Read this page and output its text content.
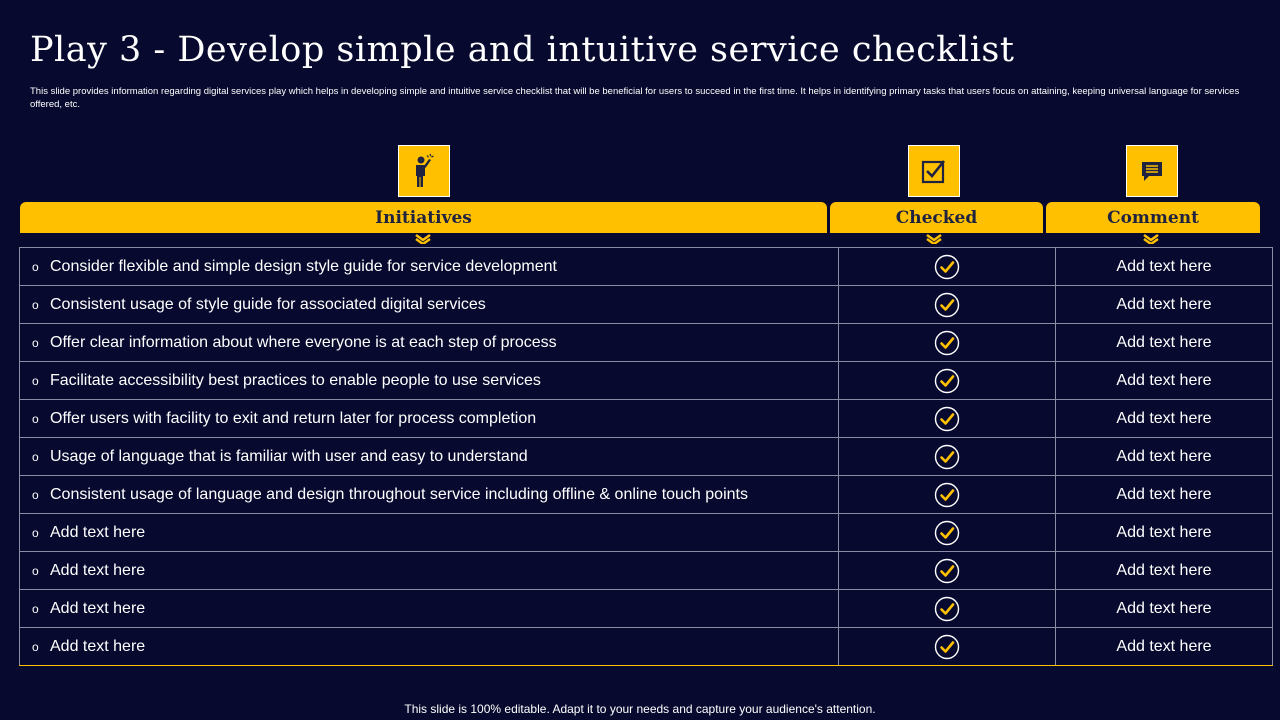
Play 3 - Develop simple and intuitive service checklist
This slide provides information regarding digital services play which helps in developing simple and intuitive service checklist that will be beneficial for users to succeed in the first time. It helps in identifying primary tasks that users focus on attaining, keeping universal language for services offered, etc.
Initiatives	Checked	Comment
o Consider flexible and simple design style guide for service development		Add text here
o Consistent usage of style guide for associated digital services		Add text here
o Offer clear information about where everyone is at each step of process		Add text here
o Facilitate accessibility best practices to enable people to use services		Add text here
o Offer users with facility to exit and return later for process completion		Add text here
o Usage of language that is familiar with user and easy to understand		Add text here
o Consistent usage of language and design throughout service including offline & online touch points		Add text here
o Add text here		Add text here
o Add text here		Add text here
o Add text here		Add text here
o Add text here		Add text here
This slide is 100% editable. Adapt it to your needs and capture your audience's attention.
